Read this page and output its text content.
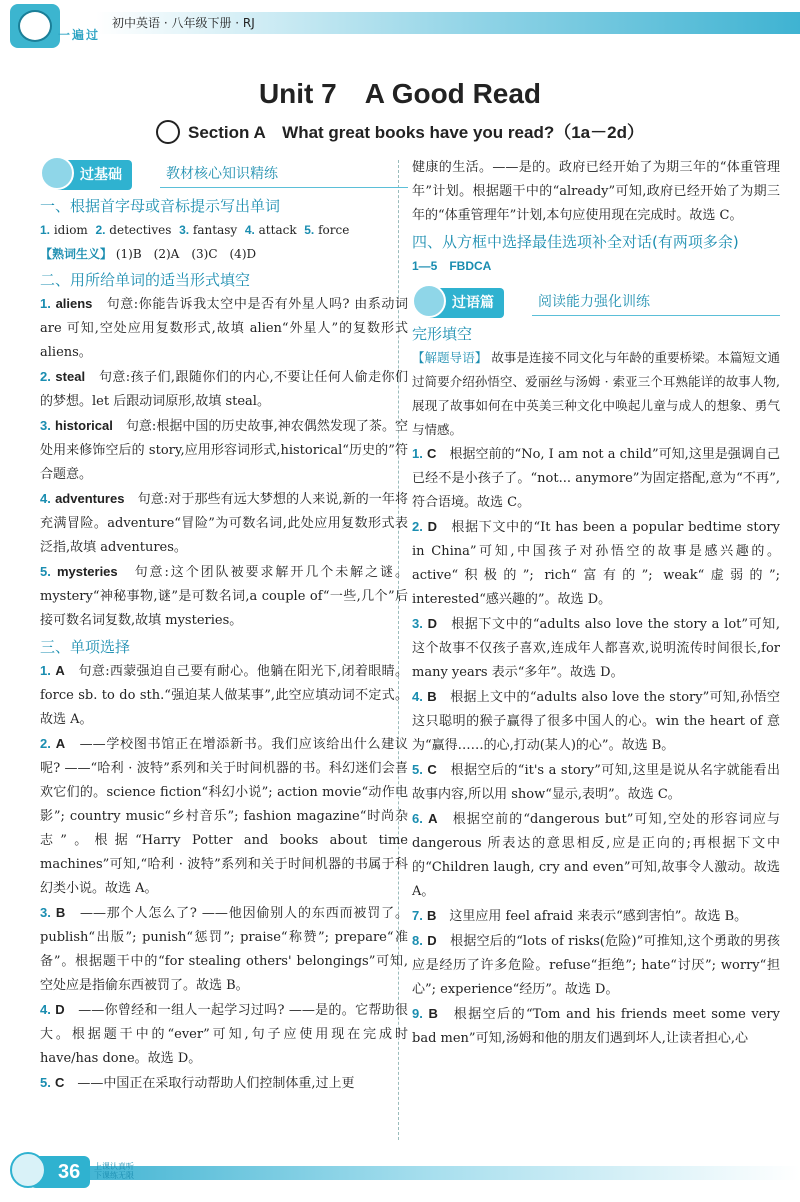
一遍过
初中英语 · 八年级下册 · RJ
Unit 7　A Good Read
Section A　What great books have you read?（1a－2d）
过基础	教材核心知识精练
一、根据首字母或音标提示写出单词

1. idiom 2. detectives 3. fantasy 4. attack 5. force

【熟词生义】 (1)B　(2)A　(3)C　(4)D

二、用所给单词的适当形式填空

1. aliens　 句意:你能告诉我太空中是否有外星人吗? 由系动词 are 可知,空处应用复数形式,故填 alien“外星人”的复数形式 aliens。

2. steal　 句意:孩子们,跟随你们的内心,不要让任何人偷走你们的梦想。let 后跟动词原形,故填 steal。

3. historical　 句意:根据中国的历史故事,神农偶然发现了茶。空处用来修饰空后的 story,应用形容词形式,historical“历史的”符合题意。

4. adventures　 句意:对于那些有远大梦想的人来说,新的一年将充满冒险。adventure“冒险”为可数名词,此处应用复数形式表泛指,故填 adventures。

5. mysteries　 句意:这个团队被要求解开几个未解之谜。mystery“神秘事物,谜”是可数名词,a couple of“一些,几个”后接可数名词复数,故填 mysteries。

三、单项选择

1. A　 句意:西蒙强迫自己要有耐心。他躺在阳光下,闭着眼睛。force sb. to do sth.“强迫某人做某事”,此空应填动词不定式。故选 A。

2. A　 ——学校图书馆正在增添新书。我们应该给出什么建议呢? ——“哈利 · 波特”系列和关于时间机器的书。科幻迷们会喜欢它们的。science fiction“科幻小说”; action movie“动作电影”; country music“乡村音乐”; fashion magazine“时尚杂志”。根据“Harry Potter and books about time machines”可知,“哈利 · 波特”系列和关于时间机器的书属于科幻类小说。故选 A。

3. B　 ——那个人怎么了? ——他因偷别人的东西而被罚了。publish“出版”; punish“惩罚”; praise“称赞”; prepare“准备”。根据题干中的“for stealing others' belongings”可知,空处应是指偷东西被罚了。故选 B。

4. D　 ——你曾经和一组人一起学习过吗? ——是的。它帮助很大。根据题干中的“ever”可知,句子应使用现在完成时 have/has done。故选 D。

5. C　 ——中国正在采取行动帮助人们控制体重,过上更

健康的生活。——是的。政府已经开始了为期三年的“体重管理年”计划。根据题干中的“already”可知,政府已经开始了为期三年的“体重管理年”计划,本句应使用现在完成时。故选 C。

四、从方框中选择最佳选项补全对话(有两项多余)

1—5　FBDCA

过语篇	阅读能力强化训练
完形填空

【解题导语】 故事是连接不同文化与年龄的重要桥梁。本篇短文通过简要介绍孙悟空、爱丽丝与汤姆 · 索亚三个耳熟能详的故事人物,展现了故事如何在中英美三种文化中唤起儿童与成人的想象、勇气与情感。

1. C　 根据空前的“No, I am not a child”可知,这里是强调自己已经不是小孩子了。“not... anymore”为固定搭配,意为“不再”,符合语境。故选 C。

2. D　 根据下文中的“It has been a popular bedtime story in China”可知,中国孩子对孙悟空的故事是感兴趣的。active“积极的”; rich“富有的”; weak“虚弱的”; interested“感兴趣的”。故选 D。

3. D　 根据下文中的“adults also love the story a lot”可知,这个故事不仅孩子喜欢,连成年人都喜欢,说明流传时间很长,for many years 表示“多年”。故选 D。

4. B　 根据上文中的“adults also love the story”可知,孙悟空这只聪明的猴子赢得了很多中国人的心。win the heart of 意为“赢得……的心,打动(某人)的心”。故选 B。

5. C　 根据空后的“it's a story”可知,这里是说从名字就能看出故事内容,所以用 show“显示,表明”。故选 C。

6. A　 根据空前的“dangerous but”可知,空处的形容词应与 dangerous 所表达的意思相反,应是正向的;再根据下文中的“Children laugh, cry and even”可知,故事令人激动。故选 A。

7. B　 这里应用 feel afraid 来表示“感到害怕”。故选 B。

8. D　 根据空后的“lots of risks(危险)”可推知,这个勇敢的男孩应是经历了许多危险。refuse“拒绝”; hate“讨厌”; worry“担心”; experience“经历”。故选 D。

9. B　 根据空后的“Tom and his friends meet some very bad men”可知,汤姆和他的朋友们遇到坏人,让读者担心,心

36	上课认真听 下课练无限
